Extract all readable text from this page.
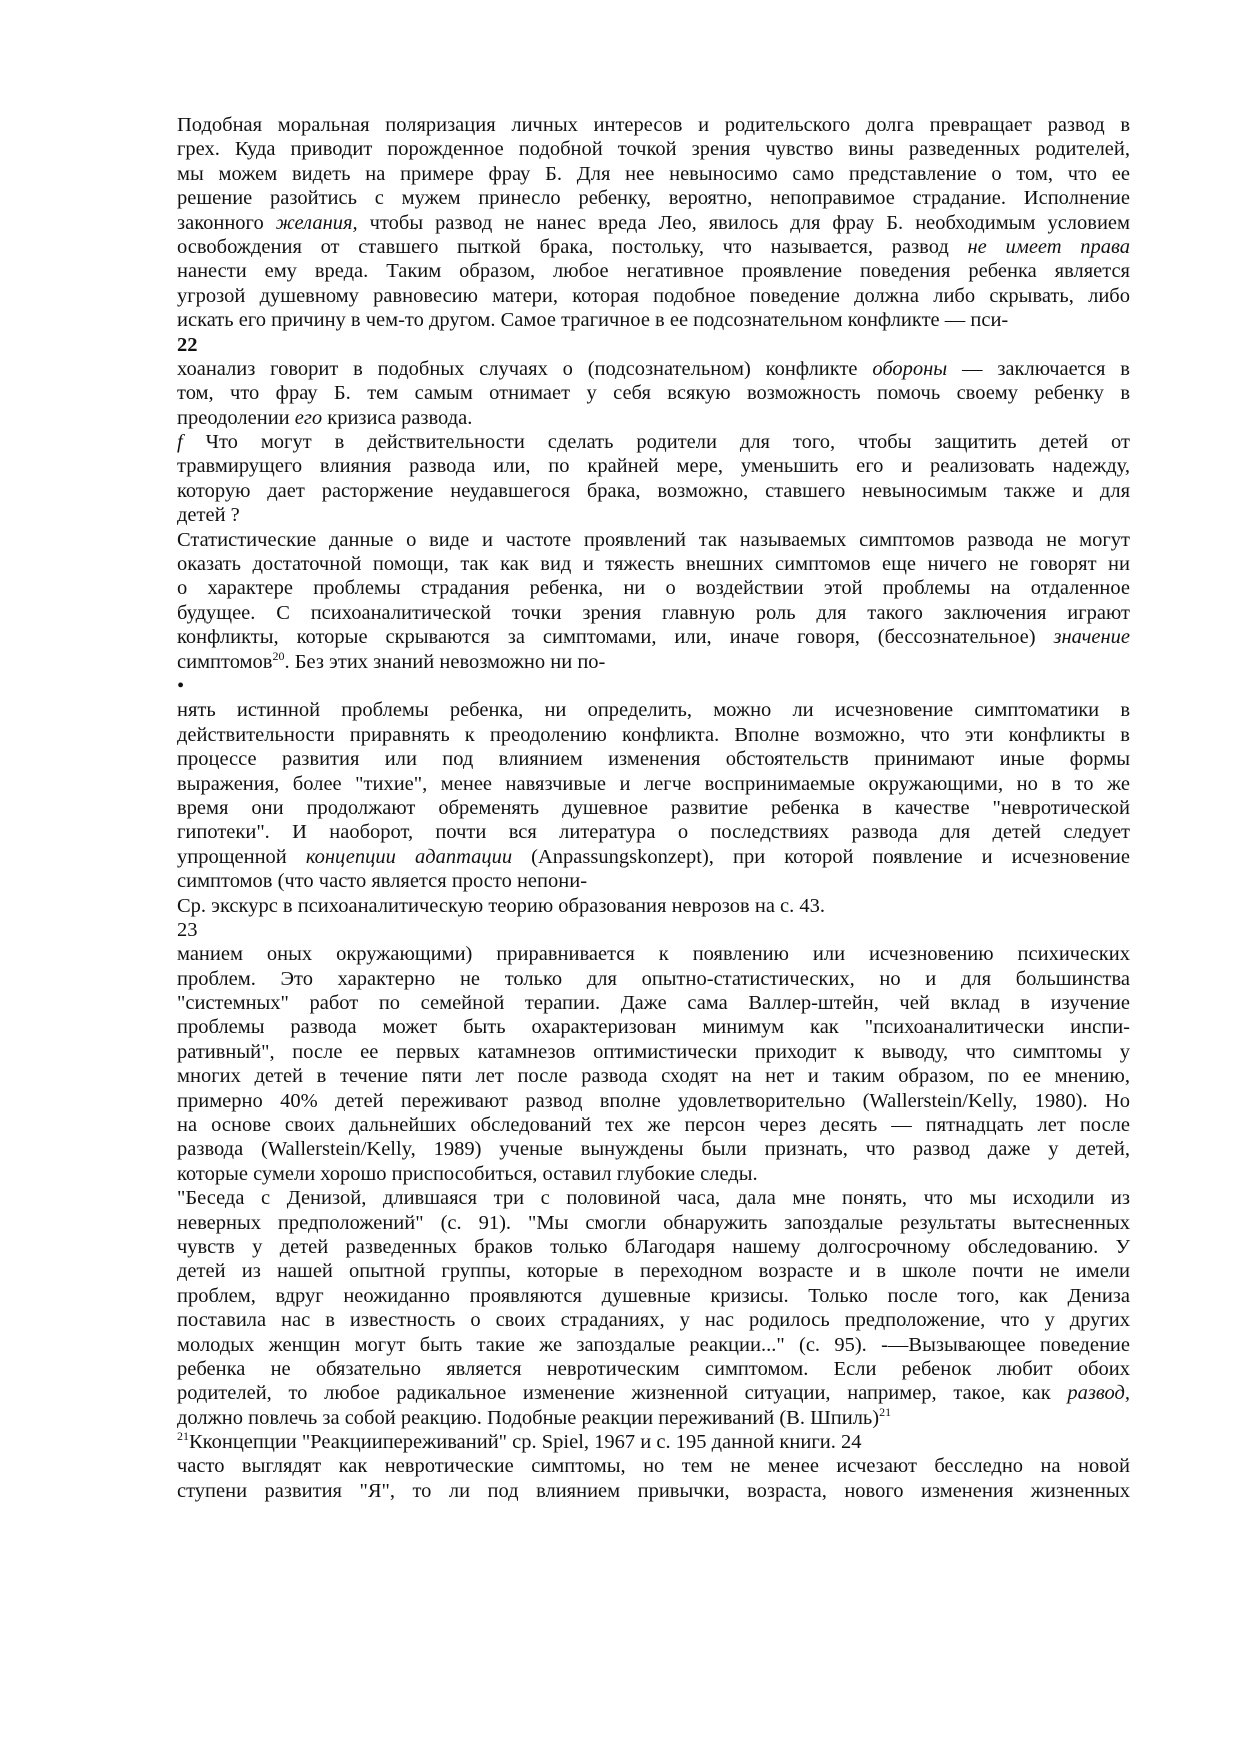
Подобная моральная поляризация личных интересов и родительского долга превращает развод в
грех. Куда приводит порожденное подобной точкой зрения чувство вины разведенных родителей,
мы можем видеть на примере фрау Б. Для нее невыносимо само представление о том, что ее
решение разойтись с мужем принесло ребенку, вероятно, непоправимое страдание. Исполнение
законного желания, чтобы развод не нанес вреда Лео, явилось для фрау Б. необходимым условием
освобождения от ставшего пыткой брака, постольку, что называется, развод не имеет права
нанести ему вреда. Таким образом, любое негативное проявление поведения ребенка является
угрозой душевному равновесию матери, которая подобное поведение должна либо скрывать, либо
искать его причину в чем-то другом. Самое трагичное в ее подсознательном конфликте — пси-
22
хоанализ говорит в подобных случаях о (подсознательном) конфликте обороны — заключается в
том, что фрау Б. тем самым отнимает у себя всякую возможность помочь своему ребенку в
преодолении его кризиса развода.
f Что могут в действительности сделать родители для того, чтобы защитить детей от
травмирущего влияния развода или, по крайней мере, уменьшить его и реализовать надежду,
которую дает расторжение неудавшегося брака, возможно, ставшего невыносимым также и для
детей ?
Статистические данные о виде и частоте проявлений так называемых симптомов развода не могут
оказать достаточной помощи, так как вид и тяжесть внешних симптомов еще ничего не говорят ни
о характере проблемы страдания ребенка, ни о воздействии этой проблемы на отдаленное
будущее. С психоаналитической точки зрения главную роль для такого заключения играют
конфликты, которые скрываются за симптомами, или, иначе говоря, (бессознательное) значение
симптомов$^{20}$. Без этих знаний невозможно ни по-
•
нять истинной проблемы ребенка, ни определить, можно ли исчезновение симптоматики в
действительности приравнять к преодолению конфликта. Вполне возможно, что эти конфликты в
процессе развития или под влиянием изменения обстоятельств принимают иные формы
выражения, более "тихие", менее навязчивые и легче воспринимаемые окружающими, но в то же
время они продолжают обременять душевное развитие ребенка в качестве "невротической
гипотеки". И наоборот, почти вся литература о последствиях развода для детей следует
упрощенной концепции адаптации (Anpassungskonzept), при которой появление и исчезновение
симптомов (что часто является просто непони-
Ср. экскурс в психоаналитическую теорию образования неврозов на с. 43.
23
манием оных окружающими) приравнивается к появлению или исчезновению психических
проблем. Это характерно не только для опытно-статистических, но и для большинства
"системных" работ по семейной терапии. Даже сама Валлер-штейн, чей вклад в изучение
проблемы развода может быть охарактеризован минимум как "психоаналитически инспи-
ративный", после ее первых катамнезов оптимистически приходит к выводу, что симптомы у
многих детей в течение пяти лет после развода сходят на нет и таким образом, по ее мнению,
примерно 40% детей переживают развод вполне удовлетворительно (Wallerstein/Kelly, 1980). Но
на основе своих дальнейших обследований тех же персон через десять — пятнадцать лет после
развода (Wallerstein/Kelly, 1989) ученые вынуждены были признать, что развод даже у детей,
которые сумели хорошо приспособиться, оставил глубокие следы.
"Беседа с Денизой, длившаяся три с половиной часа, дала мне понять, что мы исходили из
неверных предположений" (с. 91). "Мы смогли обнаружить запоздалые результаты вытесненных
чувств у детей разведенных браков только бЛагодаря нашему долгосрочному обследованию. У
детей из нашей опытной группы, которые в переходном возрасте и в школе почти не имели
проблем, вдруг неожиданно проявляются душевные кризисы. Только после того, как Дениза
поставила нас в известность о своих страданиях, у нас родилось предположение, что у других
молодых женщин могут быть такие же запоздалые реакции..." (с. 95). -—Вызывающее поведение
ребенка не обязательно является невротическим симптомом. Если ребенок любит обоих
родителей, то любое радикальное изменение жизненной ситуации, например, такое, как развод,
должно повлечь за собой реакцию. Подобные реакции переживаний (В. Шпиль)$^{21}$
$^{21}$Кконцепции "Реакциипереживаний" ср. Spiel, 1967 и с. 195 данной книги. 24
часто выглядят как невротические симптомы, но тем не менее исчезают бесследно на новой
ступени развития "Я", то ли под влиянием привычки, возраста, нового изменения жизненных
